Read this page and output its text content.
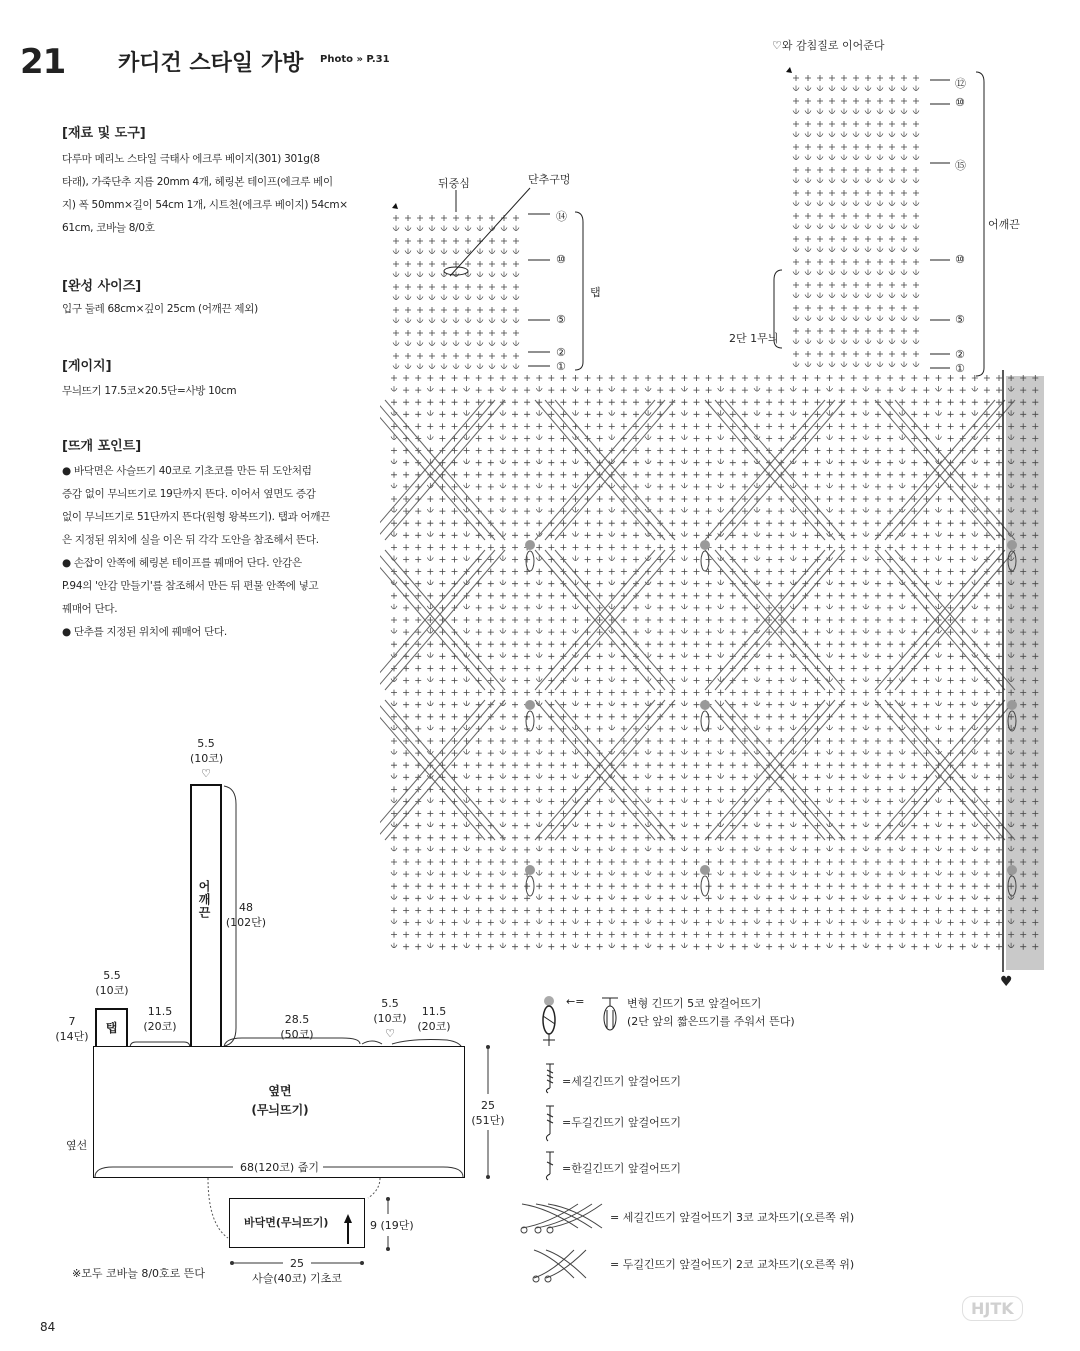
21 카디건 스타일 가방 Photo » P.31
[재료 및 도구]
다루마 메리노 스타일 극태사 에크루 베이지(301) 301g(8
타래), 가죽단추 지름 20mm 4개, 헤링본 테이프(에크루 베이
지) 폭 50mm×길이 54cm 1개, 시트천(에크루 베이지) 54cm×
61cm, 코바늘 8/0호
[완성 사이즈]
입구 둘레 68cm×깊이 25cm (어깨끈 제외)
[게이지]
무늬뜨기 17.5코×20.5단=사방 10cm
[뜨개 포인트]
● 바닥면은 사슬뜨기 40코로 기초코를 만든 뒤 도안처럼
증감 없이 무늬뜨기로 19단까지 뜬다. 이어서 옆면도 증감
없이 무늬뜨기로 51단까지 뜬다(원형 왕복뜨기). 탭과 어깨끈
은 지정된 위치에 실을 이은 뒤 각각 도안을 참조해서 뜬다.
● 손잡이 안쪽에 헤링본 테이프를 꿰매어 단다. 안감은
P.94의 '안감 만들기'를 참조해서 만든 뒤 편물 안쪽에 넣고
꿰매어 단다.
● 단추를 지정된 위치에 꿰매어 단다.
어깨끈
5.5
(10코)
♡
48
(102단)
탭
5.5
(10코)
7
(14단)
11.5
(20코)
28.5
(50코)
5.5
(10코)
♡
11.5
(20코)
옆면
(무늬뜨기)
옆선
68(120코) 줍기
25
(51단)
바닥면(무늬뜨기)	9 (19단)
25
사슬(40코) 기초코
※모두 코바늘 8/0호로 뜬다
♡와 감침질로 이어준다
뒤중심	단추구멍
탭
어깨끈
2단 1무늬
⑭
⑩
⑤
②
①
⑫
⑩
⑮
⑩
⑤
②
①
♥
←=	변형 긴뜨기 5코 앞걸어뜨기
(2단 앞의 짧은뜨기를 주워서 뜬다)
=세길긴뜨기 앞걸어뜨기
=두길긴뜨기 앞걸어뜨기
=한길긴뜨기 앞걸어뜨기
= 세길긴뜨기 앞걸어뜨기 3코 교차뜨기(오른쪽 위)
= 두길긴뜨기 앞걸어뜨기 2코 교차뜨기(오른쪽 위)
84
HJTK
